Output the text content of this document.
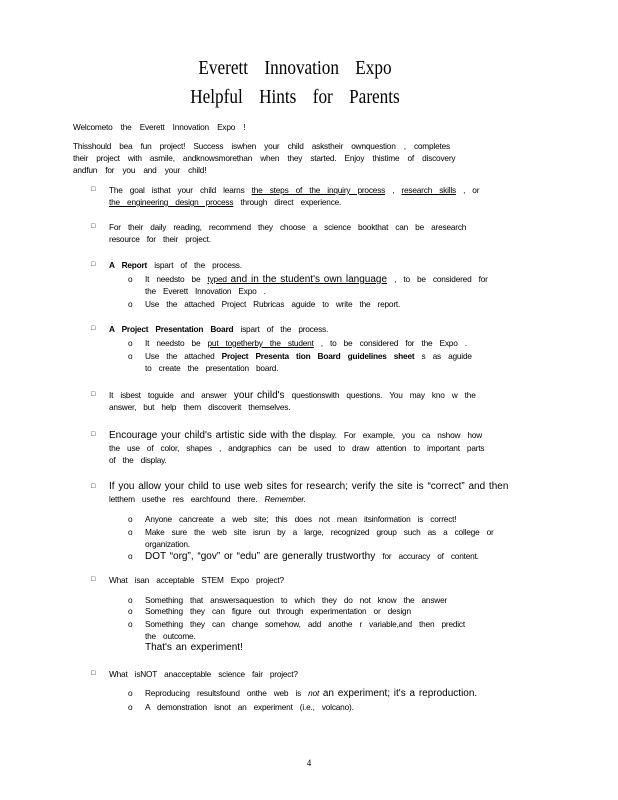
Everett Innovation Expo
Helpful Hints for Parents
Welcometo the Everett Innovation Expo !
Thisshould bea fun project! Success iswhen your child askstheir ownquestion , completes
their project with asmile, andknowsmorethan when they started. Enjoy thistime of discovery
andfun for you and your child!
□ The goal isthat your child learns the steps of the inquiry process , research skills , or
the engineering design process through direct experience.
□ For their daily reading, recommend they choose a science bookthat can be aresearch
resource for their project.
□ A Report ispart of the process.
o It needsto be typed and in the student's own language , to be considered for
the Everett Innovation Expo .
o Use the attached Project Rubricas aguide to write the report.
□ A Project Presentation Board ispart of the process.
o It needsto be put togetherby the student , to be considered for the Expo .
o Use the attached Project Presenta tion Board guidelines sheet s as aguide
to create the presentation board.
□ It isbest toguide and answer your child's questionswith questions. You may kno w the
answer, but help them discoverit themselves.
□ Encourage your child's artistic side with the display. For example, you ca nshow how
the use of color, shapes , andgraphics can be used to draw attention to important parts
of the display.
□ If you allow your child to use web sites for research; verify the site is “correct” and then
letthem usethe res earchfound there. Remember.
o Anyone cancreate a web site; this does not mean itsinformation is correct!
o Make sure the web site isrun by a large, recognized group such as a college or
organization.
o DOT “org”, “gov” or “edu” are generally trustworthy for accuracy of content.
□ What isan acceptable STEM Expo project?
o Something that answersaquestion to which they do not know the answer
o Something they can figure out through experimentation or design
o Something they can change somehow, add anothe r variable,and then predict
the outcome.
That's an experiment!
□ What isNOT anacceptable science fair project?
o Reproducing resultsfound onthe web is not an experiment; it's a reproduction.
o A demonstration isnot an experiment (i.e., volcano).
4
